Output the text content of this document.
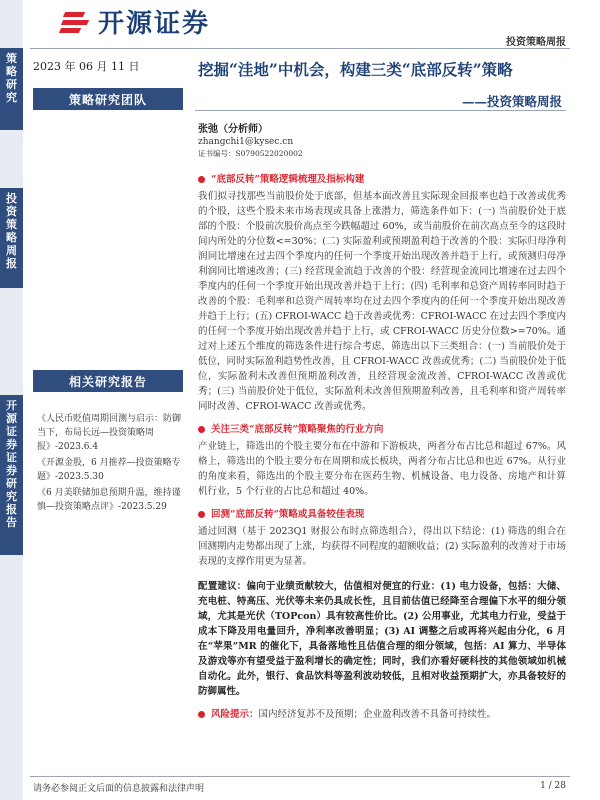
策
略
研
究
投
资
策
略
周
报
开
源
证
券
证
券
研
究
报
告
开源证券
投资策略周报
2023 年 06 月 11 日
策略研究团队
相关研究报告
《人民币贬值周期回测与启示：防御当下，布局长远—投资策略周报》-2023.6.4
《开源金股，6 月推荐—投资策略专题》-2023.5.30
《6 月美联储加息预期升温，维持谨慎—投资策略点评》-2023.5.29
挖掘“洼地”中机会，构建三类“底部反转”策略
——投资策略周报
张弛（分析师）
zhangchi1@kysec.cn
证书编号：S0790522020002
“底部反转”策略逻辑梳理及指标构建

我们拟寻找那些当前股价处于底部，但基本面改善且实际现金回报率也趋于改善或优秀的个股，这些个股未来市场表现或具备上涨潜力，筛选条件如下：(一) 当前股价处于底部的个股：个股前次股价高点至今跌幅超过 60%，或当前股价在前次高点至今的这段时间内所处的分位数<=30%；(二) 实际盈利或预期盈利趋于改善的个股：实际归母净利润同比增速在过去四个季度内的任何一个季度开始出现改善并趋于上行，或预测归母净利润同比增速改善；(三) 经营现金流趋于改善的个股：经营现金流同比增速在过去四个季度内的任何一个季度开始出现改善并趋于上行；(四) 毛利率和总资产周转率同时趋于改善的个股：毛利率和总资产周转率均在过去四个季度内的任何一个季度开始出现改善并趋于上行；(五) CFROI-WACC 趋于改善或优秀：CFROI-WACC 在过去四个季度内的任何一个季度开始出现改善并趋于上行，或 CFROI-WACC 历史分位数>=70%。通过对上述五个维度的筛选条件进行综合考虑，筛选出以下三类组合：(一) 当前股价处于低位，同时实际盈利趋势性改善，且 CFROI-WACC 改善或优秀；(二) 当前股价处于低位，实际盈利未改善但预期盈利改善，且经营现金流改善、CFROI-WACC 改善或优秀；(三) 当前股价处于低位，实际盈利未改善但预期盈利改善，且毛利率和资产周转率同时改善、CFROI-WACC 改善或优秀。

关注三类“底部反转”策略聚焦的行业方向

产业链上，筛选出的个股主要分布在中游和下游板块，两者分布占比总和超过 67%。风格上，筛选出的个股主要分布在周期和成长板块，两者分布占比总和也近 67%。从行业的角度来看，筛选出的个股主要分布在医药生物、机械设备、电力设备、房地产和计算机行业，5 个行业的占比总和超过 40%。

回测“底部反转”策略或具备较佳表现

通过回测（基于 2023Q1 财报公布时点筛选组合），得出以下结论：(1) 筛选的组合在回测期内走势都出现了上涨，均获得不同程度的超额收益；(2) 实际盈利的改善对于市场表现的支撑作用更为显著。

配置建议：偏向于业绩贡献较大，估值相对便宜的行业：(1) 电力设备，包括：大储、充电桩、特高压、光伏等未来仍具成长性，且目前估值已经降至合理偏下水平的细分领域，尤其是光伏（TOPcon）具有较高性价比。(2) 公用事业，尤其电力行业，受益于成本下降及用电量回升，净利率改善明显；(3) AI 调整之后或再将兴起由分化，6 月在“苹果”MR 的催化下，具备落地性且估值合理的细分领域，包括：AI 算力、半导体及游戏等亦有望受益于盈利增长的确定性；同时，我们亦看好硬科技的其他领域如机械自动化。此外，银行、食品饮料等盈利波动较低，且相对收益预期扩大，亦具备较好的防御属性。

风险提示：国内经济复苏不及预期；企业盈利改善不具备可持续性。
请务必参阅正文后面的信息披露和法律声明	1 / 28
